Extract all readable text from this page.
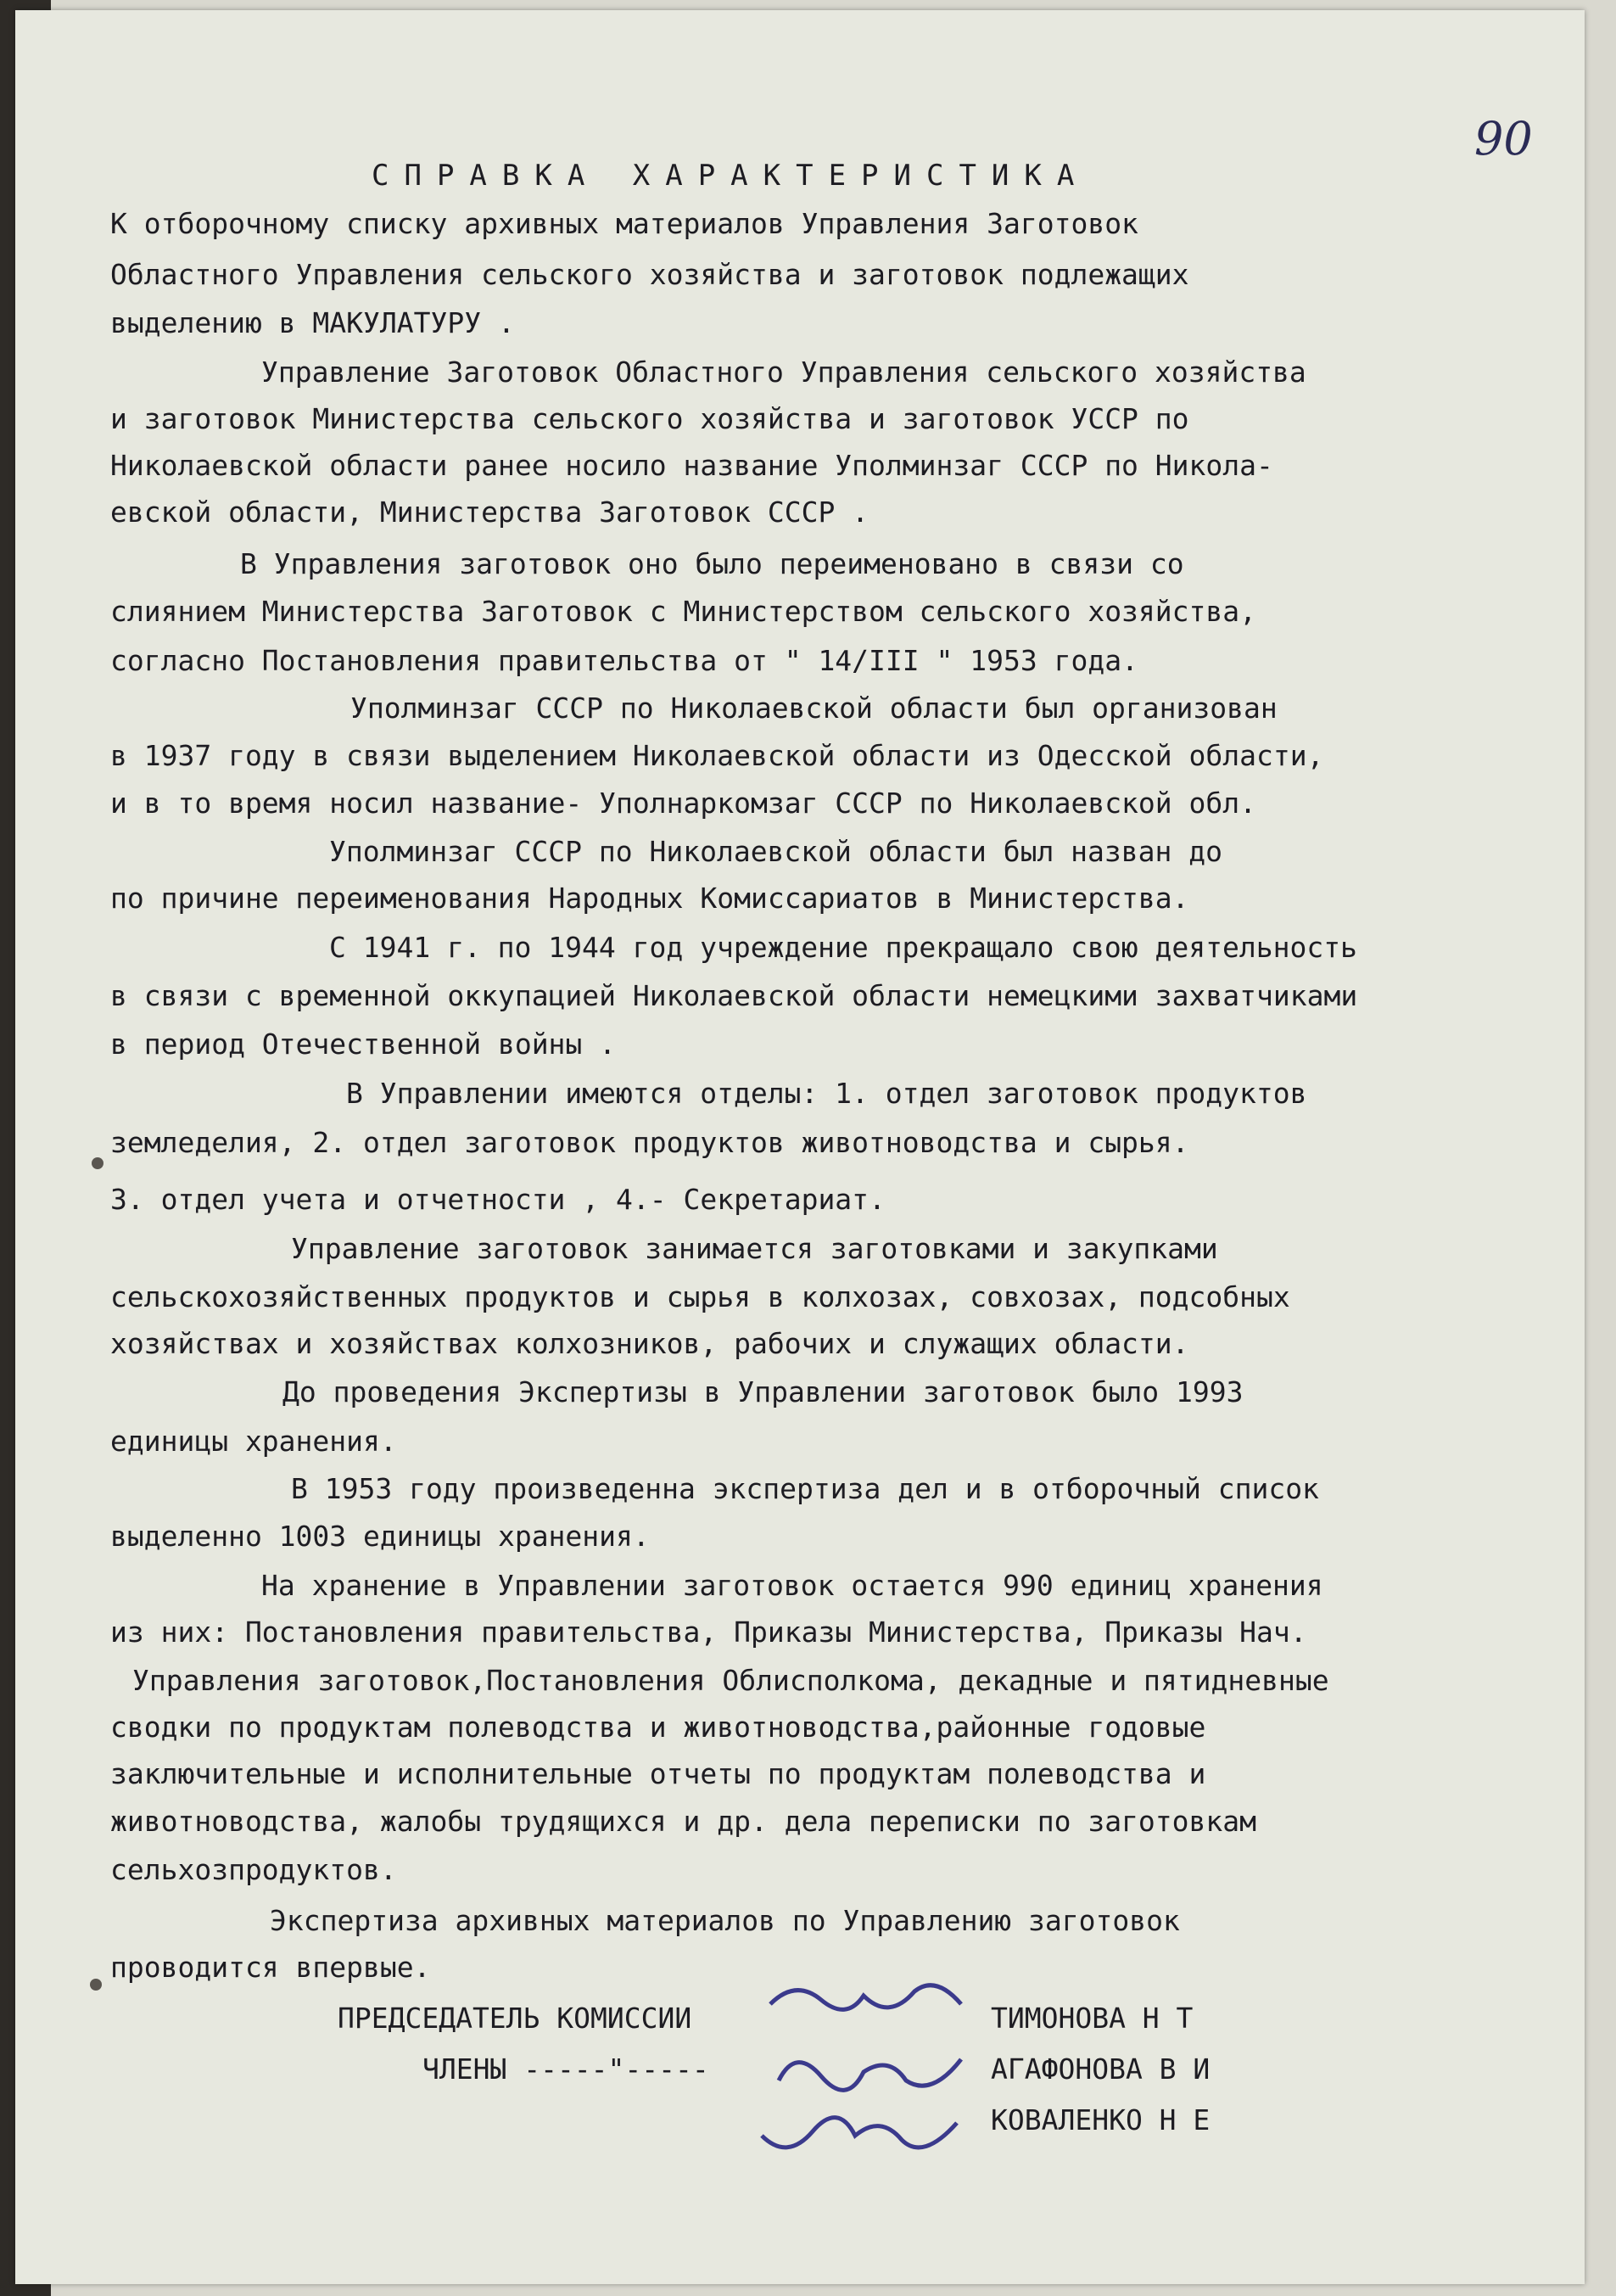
90
СПРАВКА ХАРАКТЕРИСТИКА
К отборочному списку архивных материалов Управления Заготовок
Областного Управления сельского хозяйства и заготовок подлежащих
выделению в МАКУЛАТУРУ .
Управление Заготовок Областного Управления сельского хозяйства
и заготовок Министерства сельского хозяйства и заготовок УССР по
Николаевской области ранее носило название Уполминзаг СССР по Никола-
евской области, Министерства Заготовок СССР .
В Управления заготовок оно было переименовано в связи со
слиянием Министерства Заготовок с Министерством сельского хозяйства,
согласно Постановления правительства от " 14/III " 1953 года.
Уполминзаг СССР по Николаевской области был организован
в 1937 году в связи выделением Николаевской области из Одесской области,
и в то время носил название- Уполнаркомзаг СССР по Николаевской обл.
Уполминзаг СССР по Николаевской области был назван до
по причине переименования Народных Комиссариатов в Министерства.
С 1941 г. по 1944 год учреждение прекращало свою деятельность
в связи с временной оккупацией Николаевской области немецкими захватчиками
в период Отечественной войны .
В Управлении имеются отделы: 1. отдел заготовок продуктов
земледелия, 2. отдел заготовок продуктов животноводства и сырья.
3. отдел учета и отчетности , 4.- Секретариат.
Управление заготовок занимается заготовками и закупками
сельскохозяйственных продуктов и сырья в колхозах, совхозах, подсобных
хозяйствах и хозяйствах колхозников, рабочих и служащих области.
До проведения Экспертизы в Управлении заготовок было 1993
единицы хранения.
В 1953 году произведенна экспертиза дел и в отборочный список
выделенно 1003 единицы хранения.
На хранение в Управлении заготовок остается 990 единиц хранения
из них: Постановления правительства, Приказы Министерства, Приказы Нач.
Управления заготовок,Постановления Облисполкома, декадные и пятидневные
сводки по продуктам полеводства и животноводства,районные годовые
заключительные и исполнительные отчеты по продуктам полеводства и
животноводства, жалобы трудящихся и др. дела переписки по заготовкам
сельхозпродуктов.
Экспертиза архивных материалов по Управлению заготовок
проводится впервые.
ПРЕДСЕДАТЕЛЬ КОМИССИИ
ЧЛЕНЫ -----"-----
ТИМОНОВА Н Т
АГАФОНОВА В И
КОВАЛЕНКО Н Е
